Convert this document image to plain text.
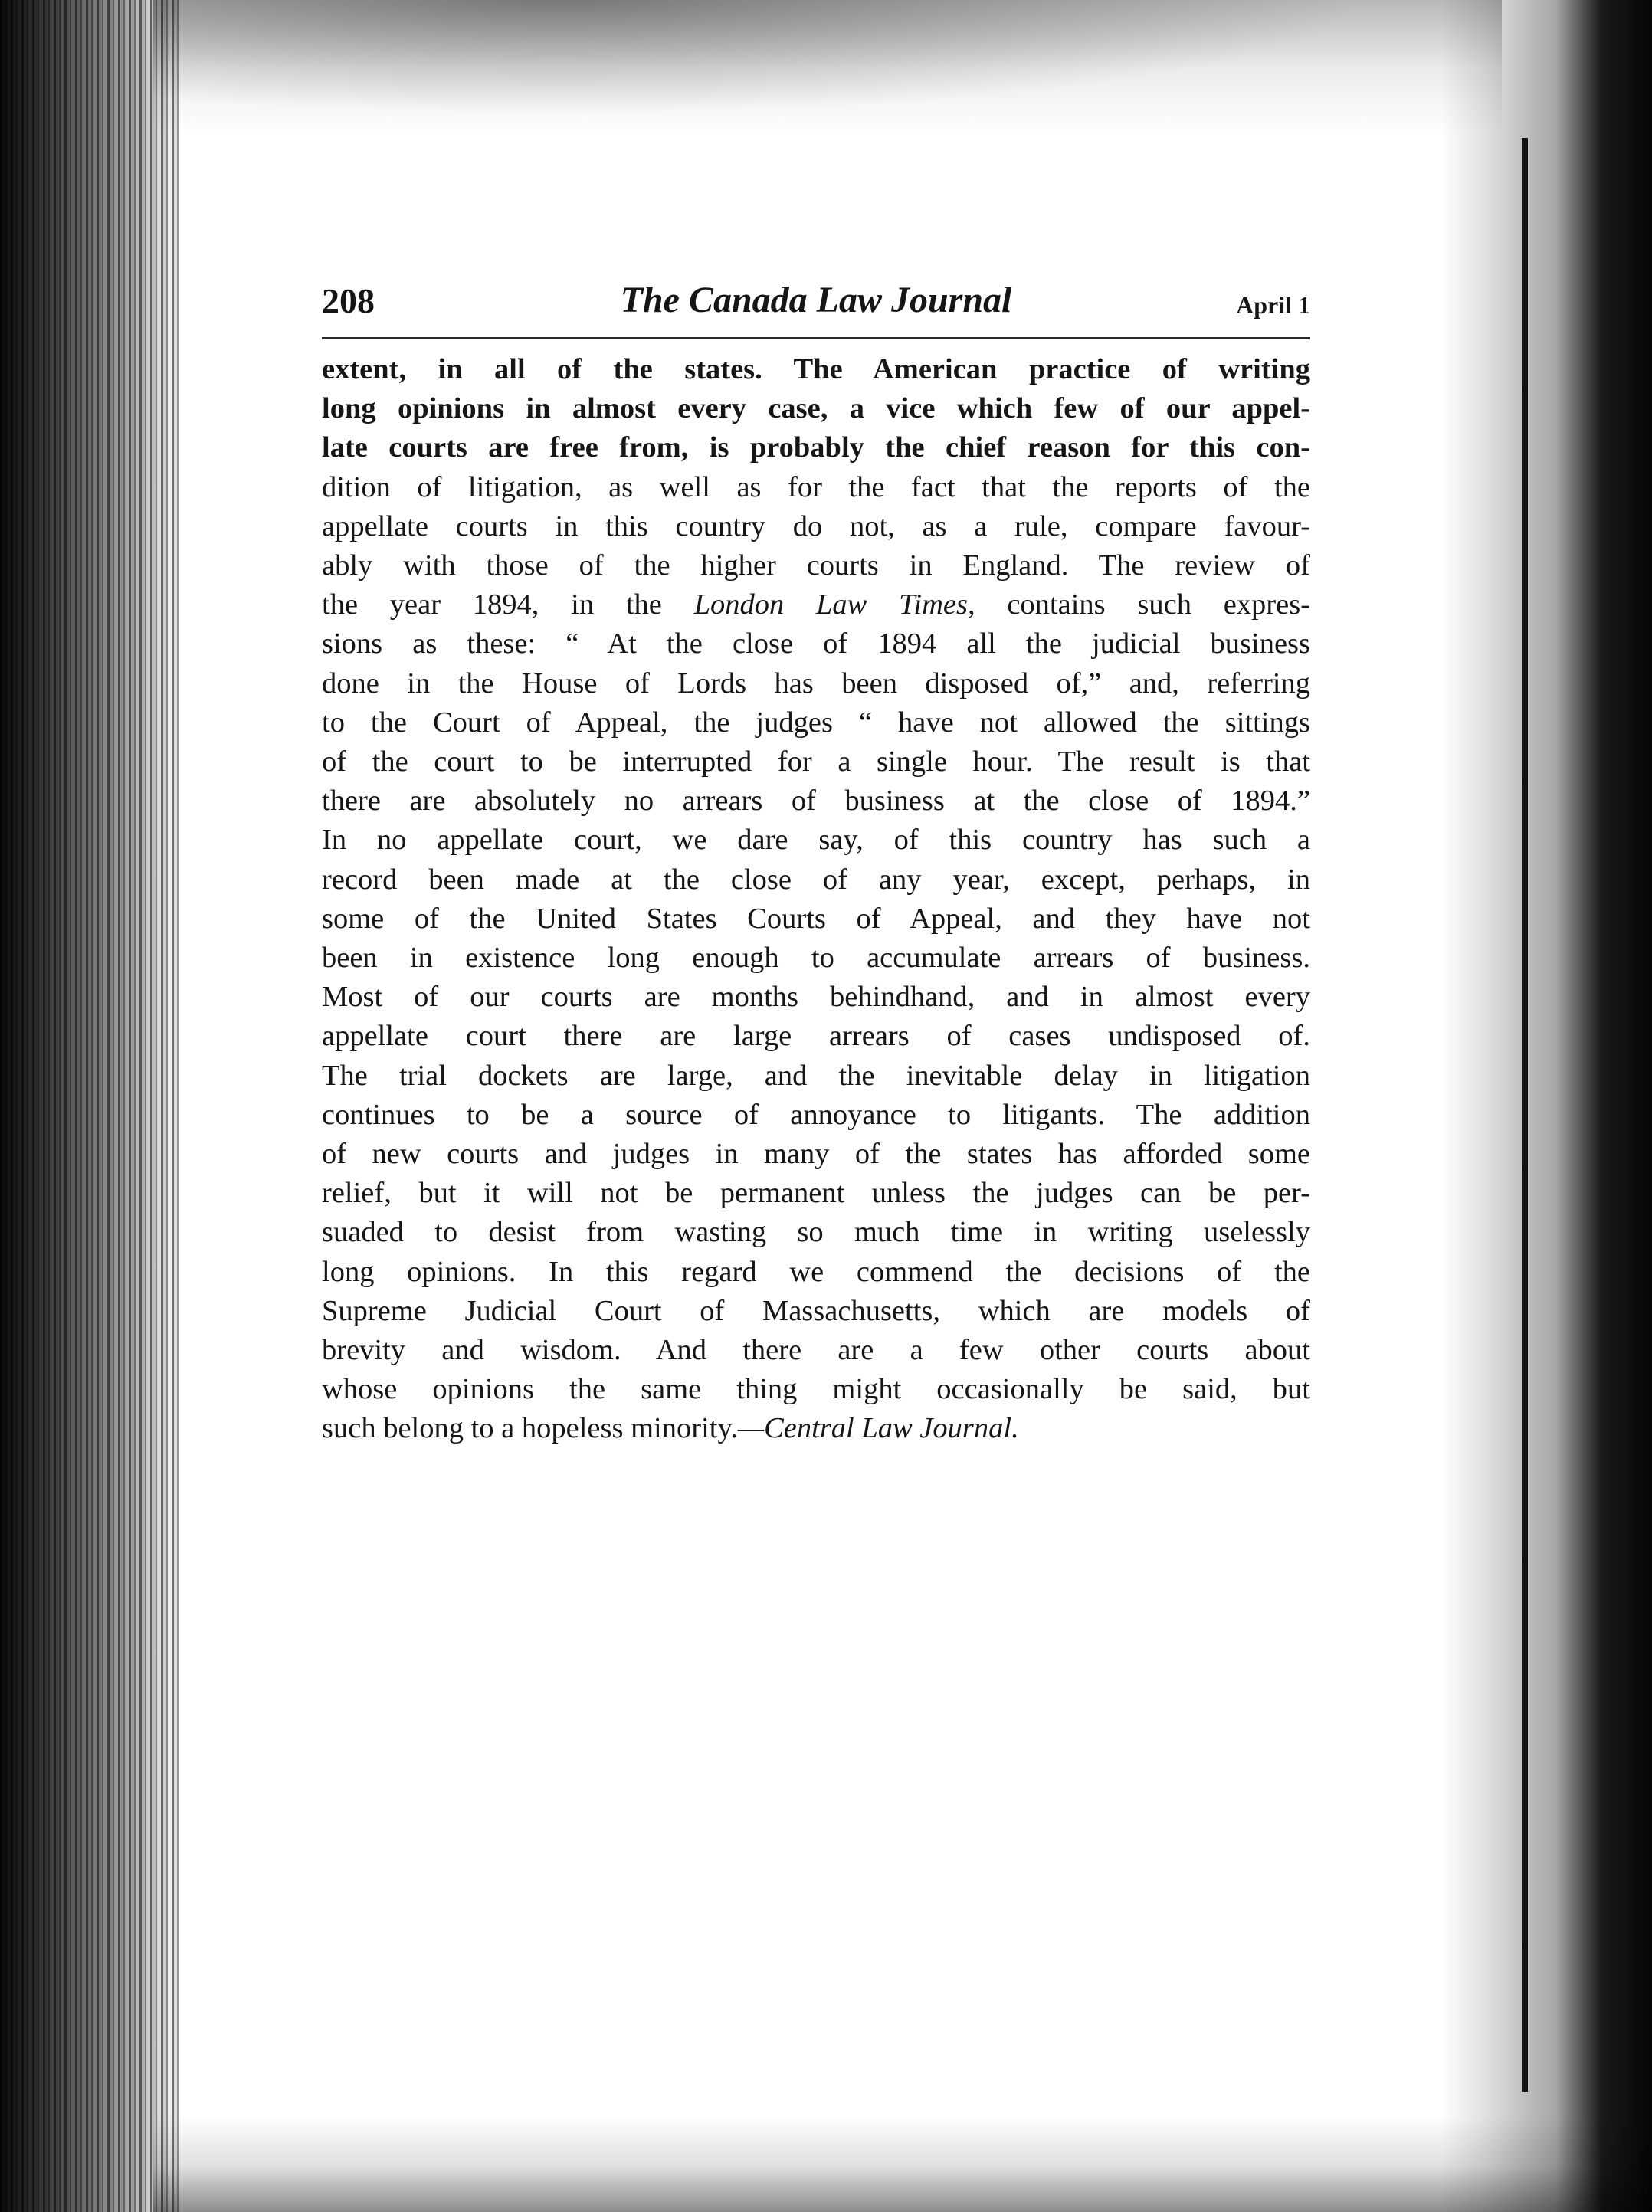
208	The Canada Law Journal	April 1
extent, in all of the states. The American practice of writing
long opinions in almost every case, a vice which few of our appel-
late courts are free from, is probably the chief reason for this con-
dition of litigation, as well as for the fact that the reports of the
appellate courts in this country do not, as a rule, compare favour-
ably with those of the higher courts in England. The review of
the year 1894, in the London Law Times, contains such expres-
sions as these: “ At the close of 1894 all the judicial business
done in the House of Lords has been disposed of,” and, referring
to the Court of Appeal, the judges “ have not allowed the sittings
of the court to be interrupted for a single hour. The result is that
there are absolutely no arrears of business at the close of 1894.”
In no appellate court, we dare say, of this country has such a
record been made at the close of any year, except, perhaps, in
some of the United States Courts of Appeal, and they have not
been in existence long enough to accumulate arrears of business.
Most of our courts are months behindhand, and in almost every
appellate court there are large arrears of cases undisposed of.
The trial dockets are large, and the inevitable delay in litigation
continues to be a source of annoyance to litigants. The addition
of new courts and judges in many of the states has afforded some
relief, but it will not be permanent unless the judges can be per-
suaded to desist from wasting so much time in writing uselessly
long opinions. In this regard we commend the decisions of the
Supreme Judicial Court of Massachusetts, which are models of
brevity and wisdom. And there are a few other courts about
whose opinions the same thing might occasionally be said, but
such belong to a hopeless minority.—Central Law Journal.
